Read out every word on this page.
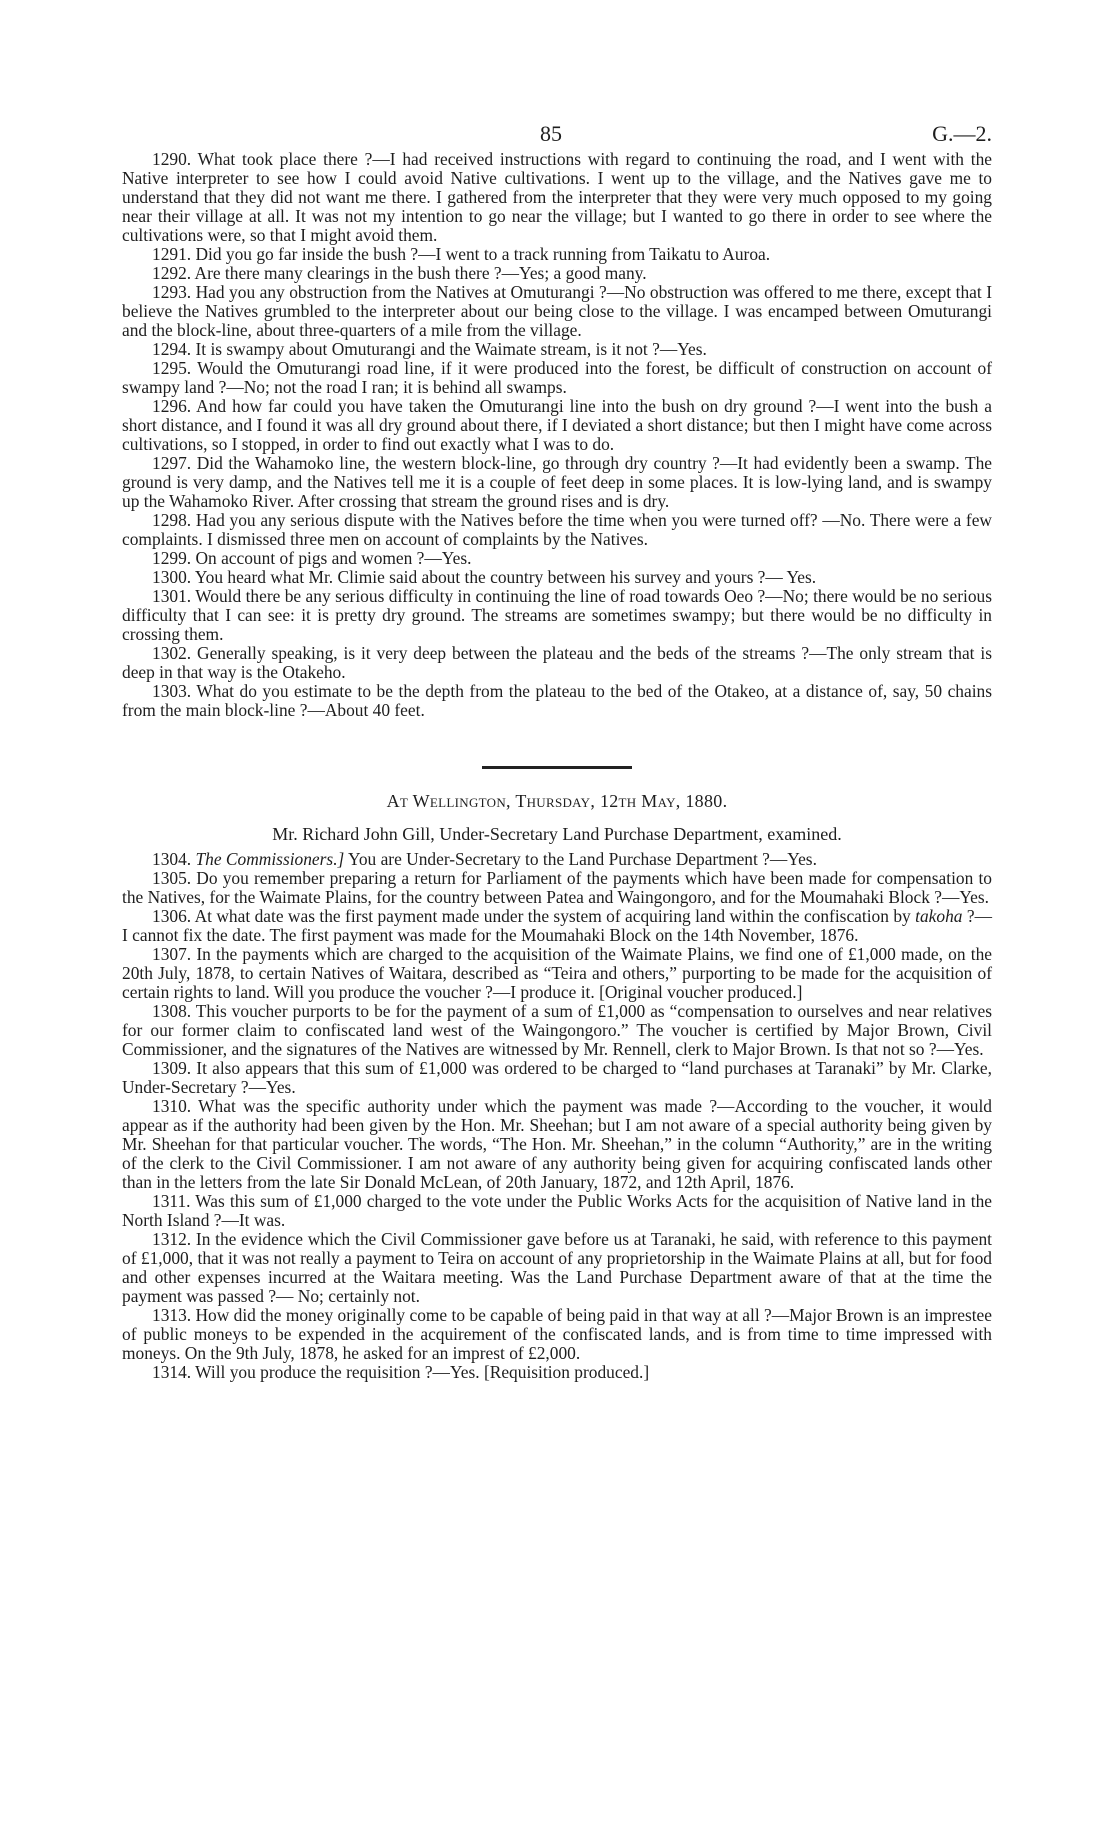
85	G.—2.

1290. What took place there ?—I had received instructions with regard to continuing the road, and I went with the Native interpreter to see how I could avoid Native cultivations. I went up to the village, and the Natives gave me to understand that they did not want me there. I gathered from the interpreter that they were very much opposed to my going near their village at all. It was not my intention to go near the village; but I wanted to go there in order to see where the cultivations were, so that I might avoid them.

1291. Did you go far inside the bush ?—I went to a track running from Taikatu to Auroa.

1292. Are there many clearings in the bush there ?—Yes; a good many.

1293. Had you any obstruction from the Natives at Omuturangi ?—No obstruction was offered to me there, except that I believe the Natives grumbled to the interpreter about our being close to the village. I was encamped between Omuturangi and the block-line, about three-quarters of a mile from the village.

1294. It is swampy about Omuturangi and the Waimate stream, is it not ?—Yes.

1295. Would the Omuturangi road line, if it were produced into the forest, be difficult of construction on account of swampy land ?—No; not the road I ran; it is behind all swamps.

1296. And how far could you have taken the Omuturangi line into the bush on dry ground ?—I went into the bush a short distance, and I found it was all dry ground about there, if I deviated a short distance; but then I might have come across cultivations, so I stopped, in order to find out exactly what I was to do.

1297. Did the Wahamoko line, the western block-line, go through dry country ?—It had evidently been a swamp. The ground is very damp, and the Natives tell me it is a couple of feet deep in some places. It is low-lying land, and is swampy up the Wahamoko River. After crossing that stream the ground rises and is dry.

1298. Had you any serious dispute with the Natives before the time when you were turned off? —No. There were a few complaints. I dismissed three men on account of complaints by the Natives.

1299. On account of pigs and women ?—Yes.

1300. You heard what Mr. Climie said about the country between his survey and yours ?— Yes.

1301. Would there be any serious difficulty in continuing the line of road towards Oeo ?—No; there would be no serious difficulty that I can see: it is pretty dry ground. The streams are sometimes swampy; but there would be no difficulty in crossing them.

1302. Generally speaking, is it very deep between the plateau and the beds of the streams ?—The only stream that is deep in that way is the Otakeho.

1303. What do you estimate to be the depth from the plateau to the bed of the Otakeo, at a distance of, say, 50 chains from the main block-line ?—About 40 feet.

At Wellington, Thursday, 12th May, 1880.
Mr. Richard John Gill, Under-Secretary Land Purchase Department, examined.

1304. The Commissioners.] You are Under-Secretary to the Land Purchase Department ?—Yes.

1305. Do you remember preparing a return for Parliament of the payments which have been made for compensation to the Natives, for the Waimate Plains, for the country between Patea and Waingongoro, and for the Moumahaki Block ?—Yes.

1306. At what date was the first payment made under the system of acquiring land within the confiscation by takoha ?—I cannot fix the date. The first payment was made for the Moumahaki Block on the 14th November, 1876.

1307. In the payments which are charged to the acquisition of the Waimate Plains, we find one of £1,000 made, on the 20th July, 1878, to certain Natives of Waitara, described as “Teira and others,” purporting to be made for the acquisition of certain rights to land. Will you produce the voucher ?—I produce it. [Original voucher produced.]

1308. This voucher purports to be for the payment of a sum of £1,000 as “compensation to ourselves and near relatives for our former claim to confiscated land west of the Waingongoro.” The voucher is certified by Major Brown, Civil Commissioner, and the signatures of the Natives are witnessed by Mr. Rennell, clerk to Major Brown. Is that not so ?—Yes.

1309. It also appears that this sum of £1,000 was ordered to be charged to “land purchases at Taranaki” by Mr. Clarke, Under-Secretary ?—Yes.

1310. What was the specific authority under which the payment was made ?—According to the voucher, it would appear as if the authority had been given by the Hon. Mr. Sheehan; but I am not aware of a special authority being given by Mr. Sheehan for that particular voucher. The words, “The Hon. Mr. Sheehan,” in the column “Authority,” are in the writing of the clerk to the Civil Commissioner. I am not aware of any authority being given for acquiring confiscated lands other than in the letters from the late Sir Donald McLean, of 20th January, 1872, and 12th April, 1876.

1311. Was this sum of £1,000 charged to the vote under the Public Works Acts for the acquisition of Native land in the North Island ?—It was.

1312. In the evidence which the Civil Commissioner gave before us at Taranaki, he said, with reference to this payment of £1,000, that it was not really a payment to Teira on account of any proprietorship in the Waimate Plains at all, but for food and other expenses incurred at the Waitara meeting. Was the Land Purchase Department aware of that at the time the payment was passed ?— No; certainly not.

1313. How did the money originally come to be capable of being paid in that way at all ?—Major Brown is an imprestee of public moneys to be expended in the acquirement of the confiscated lands, and is from time to time impressed with moneys. On the 9th July, 1878, he asked for an imprest of £2,000.

1314. Will you produce the requisition ?—Yes. [Requisition produced.]
